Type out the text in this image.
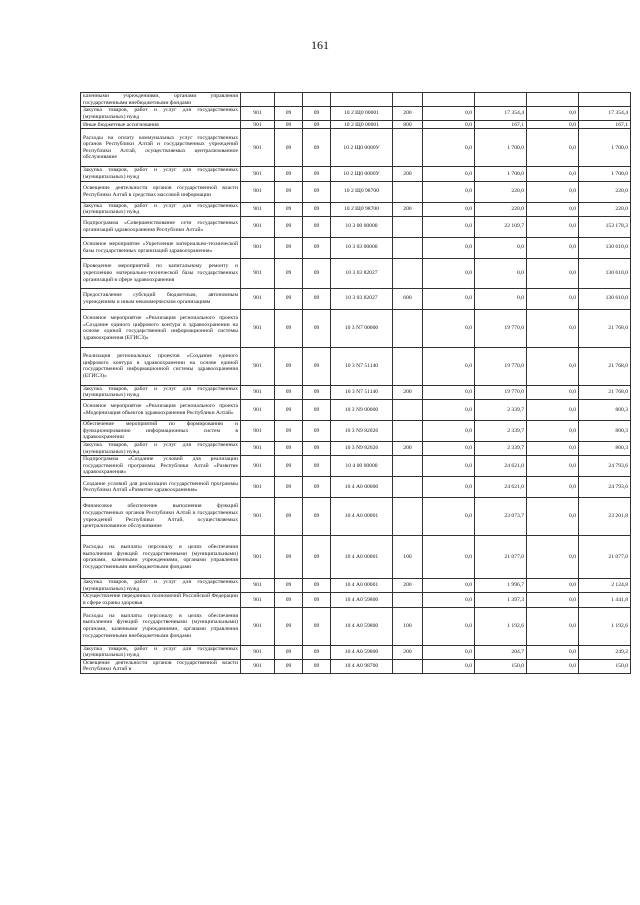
161
казенными учреждениями, органами управления государственными внебюджетными фондами									
Закупка товаров, работ и услуг для государственных (муниципальных) нужд	901	09	09	10 2 Щ0 00001	200	0,0	17 354,4	0,0	17 354,4
Иные бюджетные ассигнования	901	09	09	10 2 Щ0 00001	800	0,0	167,1	0,0	167,1
Расходы на оплату коммунальных услуг государственных органов Республики Алтай и государственных учреждений Республики Алтай, осуществляемых централизованное обслуживание	901	09	09	10 2 Щ0 0000У		0,0	1 700,0	0,0	1 700,0
Закупка товаров, работ и услуг для государственных (муниципальных) нужд	901	09	09	10 2 Щ0 0000У	200	0,0	1 700,0	0,0	1 700,0
Освещение деятельности органов государственной власти Республики Алтай в средствах массовой информации	901	09	09	10 2 Щ0 98700		0,0	220,0	0,0	220,0
Закупка товаров, работ и услуг для государственных (муниципальных) нужд	901	09	09	10 2 Щ0 98700	200	0,0	220,0	0,0	220,0
Подпрограмма «Совершенствование сети государственных организаций здравоохранения Республики Алтай»	901	09	09	10 3 00 00000		0,0	22 109,7	0,0	153 178,3
Основное мероприятие «Укрепление материально-технической базы государственных организаций здравоохранения»	901	09	09	10 3 03 00000		0,0	0,0	0,0	130 610,0
Проведение мероприятий по капитальному ремонту и укреплению материально-технической базы государственных организаций в сфере здравоохранения	901	09	09	10 3 03 82027		0,0	0,0	0,0	130 610,0
Предоставление субсидий бюджетным, автономным учреждениям и иным некоммерческим организациям	901	09	09	10 3 03 82027	600	0,0	0,0	0,0	130 610,0
Основное мероприятие «Реализация регионального проекта «Создание единого цифрового контура в здравоохранении на основе единой государственной информационной системы здравоохранения (ЕГИСЗ)»	901	09	09	10 3 N7 00000		0,0	19 770,0	0,0	21 768,0
Реализация региональных проектов «Создание единого цифрового контура в здравоохранении на основе единой государственной информационной системы здравоохранения (ЕГИСЗ)»	901	09	09	10 3 N7 51140		0,0	19 770,0	0,0	21 768,0
Закупка товаров, работ и услуг для государственных (муниципальных) нужд	901	09	09	10 3 N7 51140	200	0,0	19 770,0	0,0	21 768,0
Основное мероприятие «Реализация регионального проекта «Модернизация объектов здравоохранения Республики Алтай»	901	09	09	10 3 N9 00000		0,0	2 339,7	0,0	800,3
Обеспечение мероприятий по формированию и функционированию информационных систем в здравоохранении	901	09	09	10 3 N9 82026		0,0	2 339,7	0,0	800,3
Закупка товаров, работ и услуг для государственных (муниципальных) нужд	901	09	09	10 3 N9 82026	200	0,0	2 339,7	0,0	800,3
Подпрограмма «Создание условий для реализации государственной программы Республики Алтай «Развитие здравоохранения»	901	09	09	10 4 00 00000		0,0	24 621,0	0,0	24 793,6
Создание условий для реализации государственной программы Республики Алтай «Развитие здравоохранения»	901	09	09	10 4 А0 00000		0,0	24 621,0	0,0	24 793,6
Финансовое обеспечение выполнения функций государственных органов Республики Алтай и государственных учреждений Республики Алтай, осуществляемых централизованное обслуживание	901	09	09	10 4 А0 00001		0,0	23 073,7	0,0	23 201,8
Расходы на выплаты персоналу в целях обеспечения выполнения функций государственными (муниципальными) органами, казенными учреждениями, органами управления государственными внебюджетными фондами	901	09	09	10 4 А0 00001	100	0,0	21 077,0	0,0	21 077,0
Закупка товаров, работ и услуг для государственных (муниципальных) нужд	901	09	09	10 4 А0 00001	200	0,0	1 996,7	0,0	2 124,8
Осуществление переданных полномочий Российской Федерации в сфере охраны здоровья	901	09	09	10 4 А0 59800		0,0	1 397,3	0,0	1 441,8
Расходы на выплаты персоналу в целях обеспечения выполнения функций государственными (муниципальными) органами, казенными учреждениями, органами управления государственными внебюджетными фондами	901	09	09	10 4 А0 59800	100	0,0	1 192,6	0,0	1 192,6
Закупка товаров, работ и услуг для государственных (муниципальных) нужд	901	09	09	10 4 А0 59800	200	0,0	204,7	0,0	249,2
Освещение деятельности органов государственной власти Республики Алтай в	901	09	09	10 4 А0 98700		0,0	150,0	0,0	150,0
